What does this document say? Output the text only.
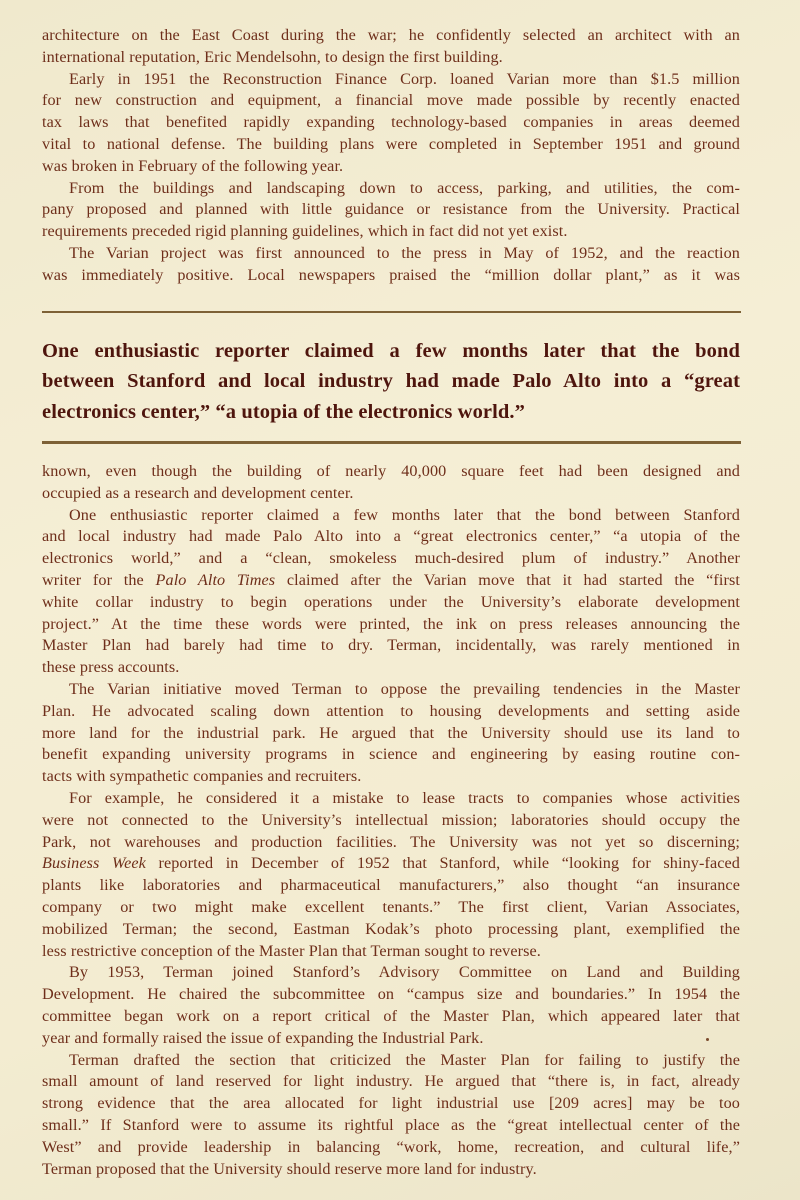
architecture on the East Coast during the war; he confidently selected an architect with an
international reputation, Eric Mendelsohn, to design the first building.
Early in 1951 the Reconstruction Finance Corp. loaned Varian more than $1.5 million
for new construction and equipment, a financial move made possible by recently enacted
tax laws that benefited rapidly expanding technology-based companies in areas deemed
vital to national defense. The building plans were completed in September 1951 and ground
was broken in February of the following year.
From the buildings and landscaping down to access, parking, and utilities, the com-
pany proposed and planned with little guidance or resistance from the University. Practical
requirements preceded rigid planning guidelines, which in fact did not yet exist.
The Varian project was first announced to the press in May of 1952, and the reaction
was immediately positive. Local newspapers praised the “million dollar plant,” as it was
One enthusiastic reporter claimed a few months later that the bond
between Stanford and local industry had made Palo Alto into a “great
electronics center,” “a utopia of the electronics world.”
known, even though the building of nearly 40,000 square feet had been designed and
occupied as a research and development center.
One enthusiastic reporter claimed a few months later that the bond between Stanford
and local industry had made Palo Alto into a “great electronics center,” “a utopia of the
electronics world,” and a “clean, smokeless much-desired plum of industry.” Another
writer for the Palo Alto Times claimed after the Varian move that it had started the “first
white collar industry to begin operations under the University’s elaborate development
project.” At the time these words were printed, the ink on press releases announcing the
Master Plan had barely had time to dry. Terman, incidentally, was rarely mentioned in
these press accounts.
The Varian initiative moved Terman to oppose the prevailing tendencies in the Master
Plan. He advocated scaling down attention to housing developments and setting aside
more land for the industrial park. He argued that the University should use its land to
benefit expanding university programs in science and engineering by easing routine con-
tacts with sympathetic companies and recruiters.
For example, he considered it a mistake to lease tracts to companies whose activities
were not connected to the University’s intellectual mission; laboratories should occupy the
Park, not warehouses and production facilities. The University was not yet so discerning;
Business Week reported in December of 1952 that Stanford, while “looking for shiny-faced
plants like laboratories and pharmaceutical manufacturers,” also thought “an insurance
company or two might make excellent tenants.” The first client, Varian Associates,
mobilized Terman; the second, Eastman Kodak’s photo processing plant, exemplified the
less restrictive conception of the Master Plan that Terman sought to reverse.
By 1953, Terman joined Stanford’s Advisory Committee on Land and Building
Development. He chaired the subcommittee on “campus size and boundaries.” In 1954 the
committee began work on a report critical of the Master Plan, which appeared later that
year and formally raised the issue of expanding the Industrial Park.
Terman drafted the section that criticized the Master Plan for failing to justify the
small amount of land reserved for light industry. He argued that “there is, in fact, already
strong evidence that the area allocated for light industrial use [209 acres] may be too
small.” If Stanford were to assume its rightful place as the “great intellectual center of the
West” and provide leadership in balancing “work, home, recreation, and cultural life,”
Terman proposed that the University should reserve more land for industry.
